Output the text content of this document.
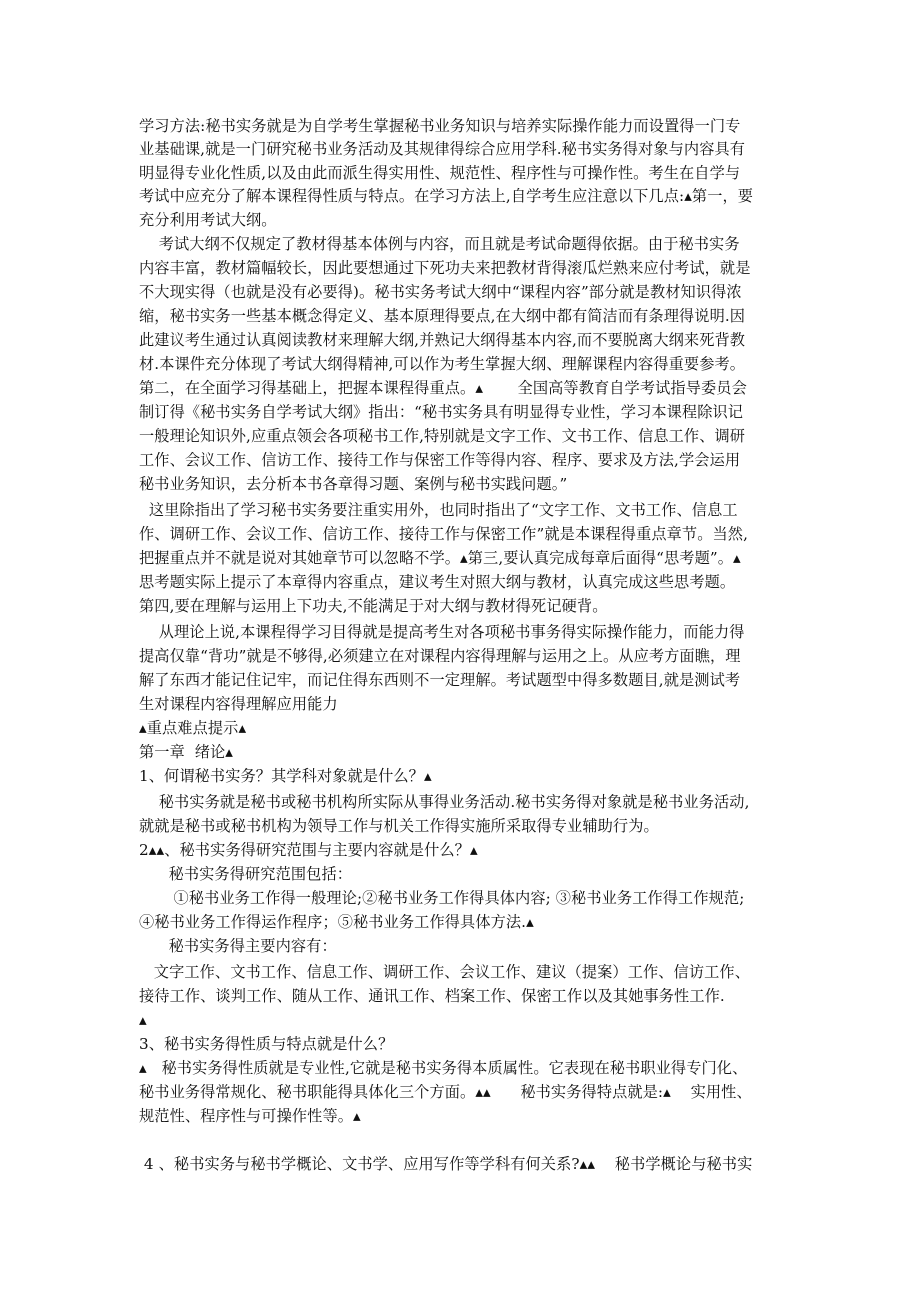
学习方法:秘书实务就是为自学考生掌握秘书业务知识与培养实际操作能力而设置得一门专
业基础课,就是一门研究秘书业务活动及其规律得综合应用学科.秘书实务得对象与内容具有
明显得专业化性质,以及由此而派生得实用性、规范性、程序性与可操作性。考生在自学与
考试中应充分了解本课程得性质与特点。在学习方法上,自学考生应注意以下几点:▴第一，要
充分利用考试大纲。
考试大纲不仅规定了教材得基本体例与内容，而且就是考试命题得依据。由于秘书实务
内容丰富，教材篇幅较长，因此要想通过下死功夫来把教材背得滚瓜烂熟来应付考试，就是
不大现实得（也就是没有必要得)。秘书实务考试大纲中“课程内容”部分就是教材知识得浓
缩，秘书实务一些基本概念得定义、基本原理得要点,在大纲中都有简洁而有条理得说明.因
此建议考生通过认真阅读教材来理解大纲,并熟记大纲得基本内容,而不要脱离大纲来死背教
材.本课件充分体现了考试大纲得精神,可以作为考生掌握大纲、理解课程内容得重要参考。
第二，在全面学习得基础上，把握本课程得重点。▴       全国高等教育自学考试指导委员会
制订得《秘书实务自学考试大纲》指出：“秘书实务具有明显得专业性，学习本课程除识记
一般理论知识外,应重点领会各项秘书工作,特别就是文字工作、文书工作、信息工作、调研
工作、会议工作、信访工作、接待工作与保密工作等得内容、程序、要求及方法,学会运用
秘书业务知识，去分析本书各章得习题、案例与秘书实践问题。”
这里除指出了学习秘书实务要注重实用外，也同时指出了“文字工作、文书工作、信息工
作、调研工作、会议工作、信访工作、接待工作与保密工作”就是本课程得重点章节。当然,
把握重点并不就是说对其她章节可以忽略不学。▴第三,要认真完成每章后面得“思考题”。▴
思考题实际上提示了本章得内容重点，建议考生对照大纲与教材，认真完成这些思考题。
第四,要在理解与运用上下功夫,不能满足于对大纲与教材得死记硬背。
从理论上说,本课程得学习目得就是提高考生对各项秘书事务得实际操作能力，而能力得
提高仅靠“背功”就是不够得,必须建立在对课程内容得理解与运用之上。从应考方面瞧，理
解了东西才能记住记牢，而记住得东西则不一定理解。考试题型中得多数题目,就是测试考
生对课程内容得理解应用能力
▴重点难点提示▴
第一章  绪论▴
1、何谓秘书实务？其学科对象就是什么？▴
秘书实务就是秘书或秘书机构所实际从事得业务活动.秘书实务得对象就是秘书业务活动,
就就是秘书或秘书机构为领导工作与机关工作得实施所采取得专业辅助行为。
2▴▴、秘书实务得研究范围与主要内容就是什么？▴
秘书实务得研究范围包括：
①秘书业务工作得一般理论;②秘书业务工作得具体内容; ③秘书业务工作得工作规范;
④秘书业务工作得运作程序；⑤秘书业务工作得具体方法.▴
秘书实务得主要内容有：
文字工作、文书工作、信息工作、调研工作、会议工作、建议（提案）工作、信访工作、
接待工作、谈判工作、随从工作、通讯工作、档案工作、保密工作以及其她事务性工作.
▴
3、秘书实务得性质与特点就是什么？
▴   秘书实务得性质就是专业性,它就是秘书实务得本质属性。它表现在秘书职业得专门化、
秘书业务得常规化、秘书职能得具体化三个方面。▴▴      秘书实务得特点就是:▴    实用性、
规范性、程序性与可操作性等。▴
4 、秘书实务与秘书学概论、文书学、应用写作等学科有何关系?▴▴    秘书学概论与秘书实
